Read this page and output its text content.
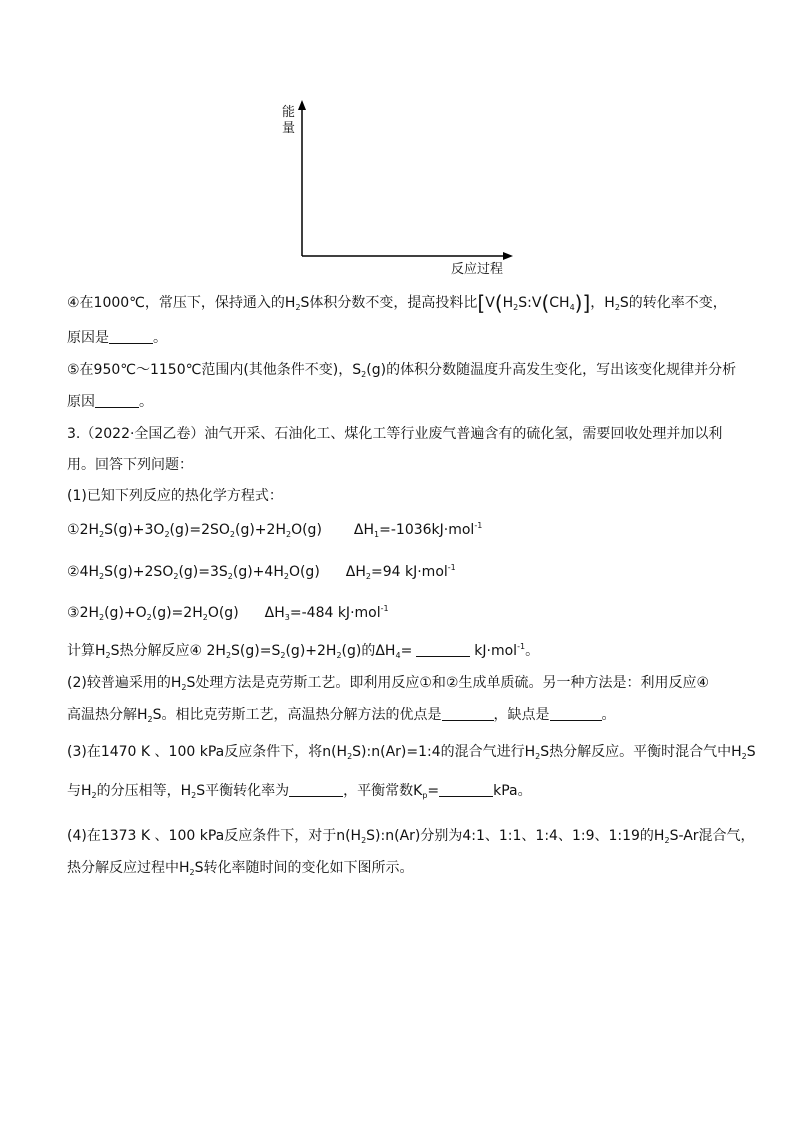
能
量
反应过程
④在1000℃，常压下，保持通入的$H_2S$体积分数不变，提高投料比[$V(H_2S:V(CH_4)]$，$H_2S$的转化率不变，
原因是	。
⑤在950℃～1150℃范围内(其他条件不变)，$S_2(g)$的体积分数随温度升高发生变化，写出该变化规律并分析
原因	。
3.（2022·全国乙卷）油气开采、石油化工、煤化工等行业废气普遍含有的硫化氢，需要回收处理并加以利
用。回答下列问题：
(1)已知下列反应的热化学方程式：
$①2H_2S(g)+3O_2(g)=2SO_2(g)+2H_2O(g)$ $\Delta H_1=-1036kJ\cdot mol^{-1}$
$②4H_2S(g)+2SO_2(g)=3S_2(g)+4H_2O(g)$ $\Delta H_2=94$ kJ·mol$^{-1}$
$③2H_2(g)+O_2(g)=2H_2O(g)$ $\Delta H_3=-484$ kJ·mol$^{-1}$
计算$H_2S$热分解反应④ $2H_2S(g)=S_2(g)+2H_2(g)$的$\Delta H_4=$	kJ·mol$^{-1}$。
(2)较普遍采用的$H_2S$处理方法是克劳斯工艺。即利用反应①和②生成单质硫。另一种方法是：利用反应④
高温热分解$H_2S$。相比克劳斯工艺，高温热分解方法的优点是	，缺点是	。
(3)在1470 K 、100 kPa反应条件下，将$n(H_2S):n(Ar)=1:4$的混合气进行$H_2S$热分解反应。平衡时混合气中$H_2S$
与$H_2$的分压相等，$H_2S$平衡转化率为	，平衡常数$K_p=$	kPa。
(4)在1373 K 、100 kPa反应条件下，对于$n(H_2S):n(Ar)$分别为4:1、1:1、1:4、1:9、1:19的$H_2S-Ar$混合气，
热分解反应过程中$H_2S$转化率随时间的变化如下图所示。
